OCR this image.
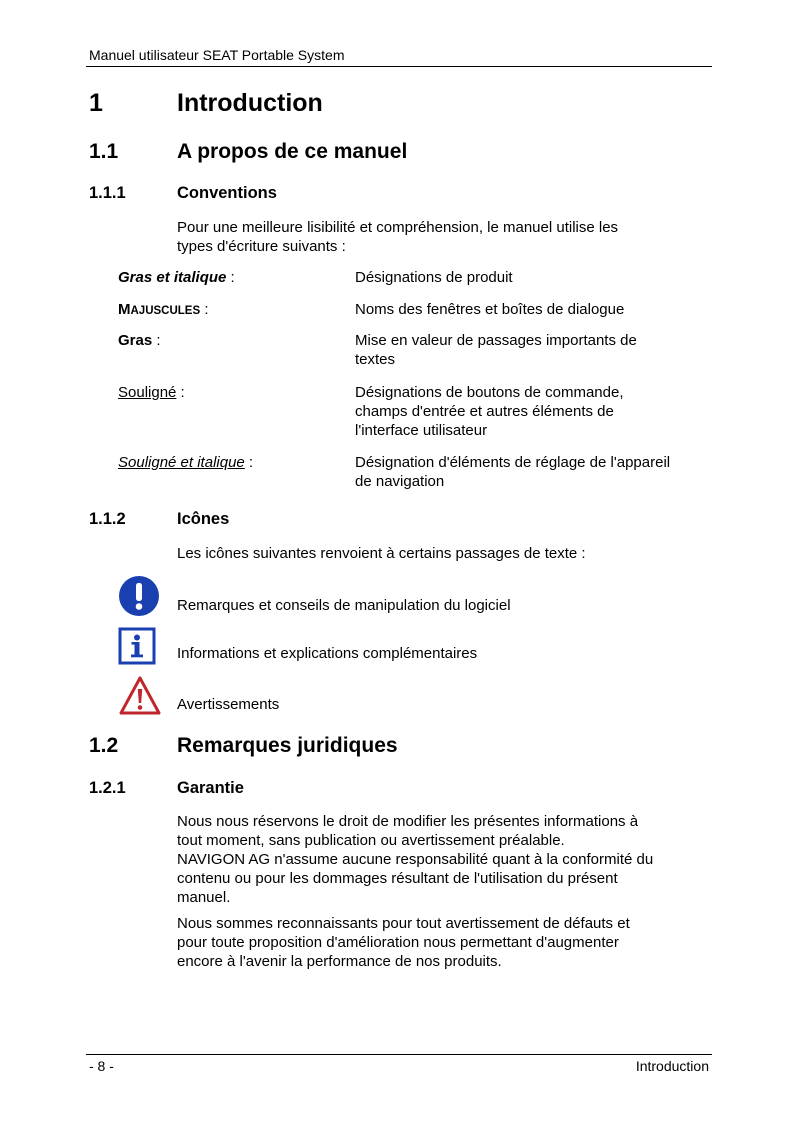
Manuel utilisateur SEAT Portable System
1	Introduction
1.1	A propos de ce manuel
1.1.1	Conventions

Pour une meilleure lisibilité et compréhension, le manuel utilise les

types d'écriture suivants :

Gras et italique :	Désignations de produit

MAJUSCULES :	Noms des fenêtres et boîtes de dialogue

Gras :	Mise en valeur de passages importants de

textes

Souligné :	Désignations de boutons de commande,

champs d'entrée et autres éléments de

l'interface utilisateur

Souligné et italique :	Désignation d'éléments de réglage de l'appareil

de navigation

1.1.2	Icônes
Les icônes suivantes renvoient à certains passages de texte :
Remarques et conseils de manipulation du logiciel
Informations et explications complémentaires
Avertissements
1.2	Remarques juridiques
1.2.1	Garantie

Nous nous réservons le droit de modifier les présentes informations à

tout moment, sans publication ou avertissement préalable.

NAVIGON AG n'assume aucune responsabilité quant à la conformité du

contenu ou pour les dommages résultant de l'utilisation du présent

manuel.

Nous sommes reconnaissants pour tout avertissement de défauts et

pour toute proposition d'amélioration nous permettant d'augmenter

encore à l'avenir la performance de nos produits.

- 8 -	Introduction
